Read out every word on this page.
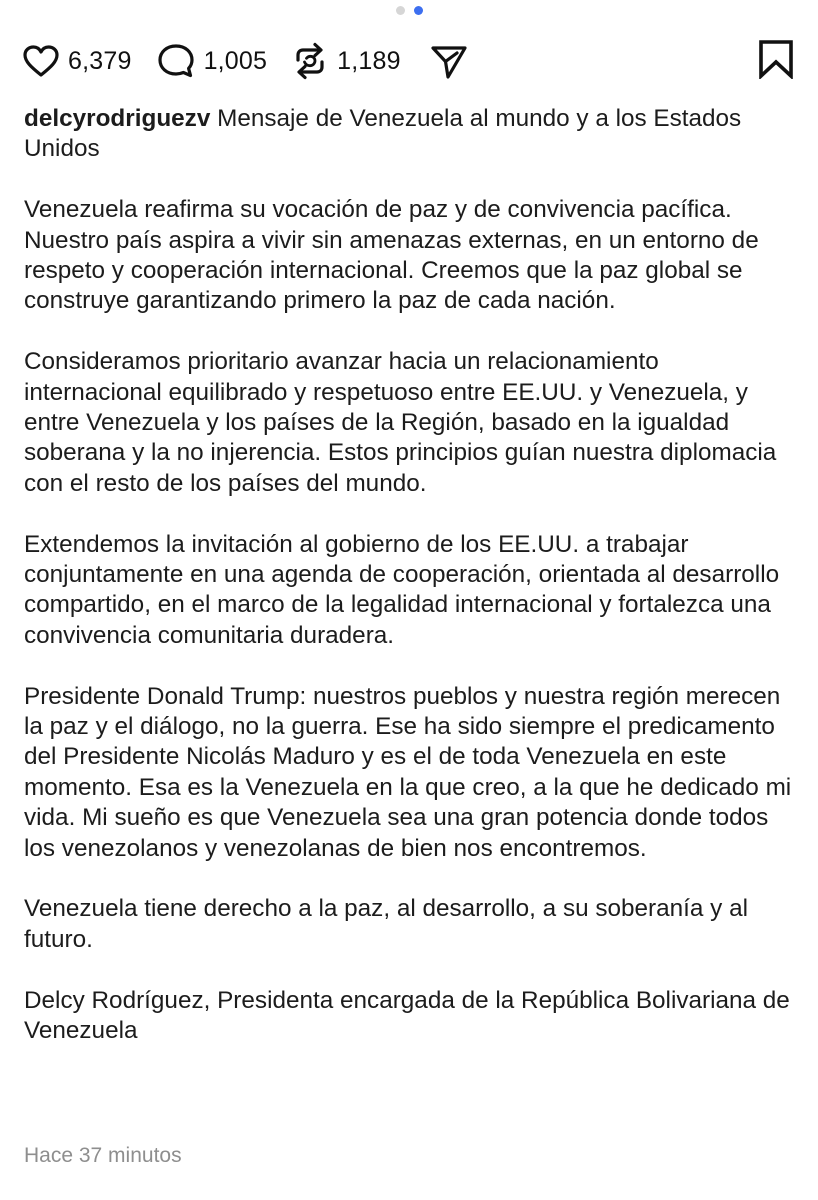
6,379	1,005	1,189

delcyrodriguezv Mensaje de Venezuela al mundo y a los Estados Unidos

Venezuela reafirma su vocación de paz y de convivencia pacífica. Nuestro país aspira a vivir sin amenazas externas, en un entorno de respeto y cooperación internacional. Creemos que la paz global se construye garantizando primero la paz de cada nación.

Consideramos prioritario avanzar hacia un relacionamiento internacional equilibrado y respetuoso entre EE.UU. y Venezuela, y entre Venezuela y los países de la Región, basado en la igualdad soberana y la no injerencia. Estos principios guían nuestra diplomacia con el resto de los países del mundo.

Extendemos la invitación al gobierno de los EE.UU. a trabajar conjuntamente en una agenda de cooperación, orientada al desarrollo compartido, en el marco de la legalidad internacional y fortalezca una convivencia comunitaria duradera.

Presidente Donald Trump: nuestros pueblos y nuestra región merecen la paz y el diálogo, no la guerra. Ese ha sido siempre el predicamento del Presidente Nicolás Maduro y es el de toda Venezuela en este momento. Esa es la Venezuela en la que creo, a la que he dedicado mi vida. Mi sueño es que Venezuela sea una gran potencia donde todos los venezolanos y venezolanas de bien nos encontremos.

Venezuela tiene derecho a la paz, al desarrollo, a su soberanía y al futuro.

Delcy Rodríguez, Presidenta encargada de la República Bolivariana de Venezuela

Hace 37 minutos
